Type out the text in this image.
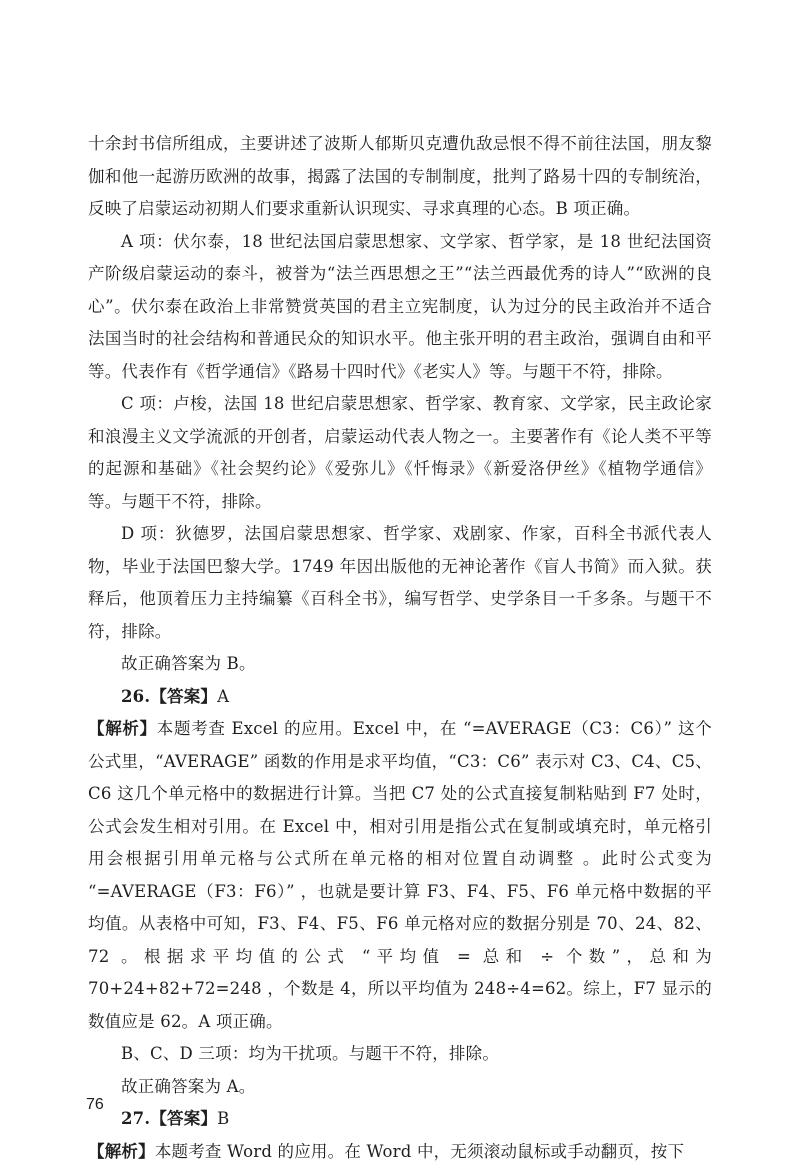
十余封书信所组成，主要讲述了波斯人郁斯贝克遭仇敌忌恨不得不前往法国，朋友黎伽和他一起游历欧洲的故事，揭露了法国的专制制度，批判了路易十四的专制统治，反映了启蒙运动初期人们要求重新认识现实、寻求真理的心态。B 项正确。

A 项：伏尔泰，18 世纪法国启蒙思想家、文学家、哲学家，是 18 世纪法国资产阶级启蒙运动的泰斗，被誉为“法兰西思想之王”“法兰西最优秀的诗人”“欧洲的良心”。伏尔泰在政治上非常赞赏英国的君主立宪制度，认为过分的民主政治并不适合法国当时的社会结构和普通民众的知识水平。他主张开明的君主政治，强调自由和平等。代表作有《哲学通信》《路易十四时代》《老实人》等。与题干不符，排除。

C 项：卢梭，法国 18 世纪启蒙思想家、哲学家、教育家、文学家，民主政论家和浪漫主义文学流派的开创者，启蒙运动代表人物之一。主要著作有《论人类不平等的起源和基础》《社会契约论》《爱弥儿》《忏悔录》《新爱洛伊丝》《植物学通信》等。与题干不符，排除。

D 项：狄德罗，法国启蒙思想家、哲学家、戏剧家、作家，百科全书派代表人物，毕业于法国巴黎大学。1749 年因出版他的无神论著作《盲人书简》而入狱。获释后，他顶着压力主持编纂《百科全书》，编写哲学、史学条目一千多条。与题干不符，排除。

故正确答案为 B。

26.【答案】A

【解析】本题考查 Excel 的应用。Excel 中，在 “=AVERAGE（C3：C6）” 这个公式里，“AVERAGE” 函数的作用是求平均值，“C3：C6” 表示对 C3、C4、C5、C6 这几个单元格中的数据进行计算。当把 C7 处的公式直接复制粘贴到 F7 处时，公式会发生相对引用。在 Excel 中，相对引用是指公式在复制或填充时，单元格引用会根据引用单元格与公式所在单元格的相对位置自动调整 。此时公式变为 “=AVERAGE（F3：F6）” ，也就是要计算 F3、F4、F5、F6 单元格中数据的平均值。从表格中可知，F3、F4、F5、F6 单元格对应的数据分别是 70、24、82、72 。根据求平均值的公式 “平均值 = 总和 ÷ 个数”，总和为 70+24+82+72=248 ，个数是 4，所以平均值为 248÷4=62。综上，F7 显示的数值应是 62。A 项正确。

B、C、D 三项：均为干扰项。与题干不符，排除。

故正确答案为 A。

27.【答案】B

【解析】本题考查 Word 的应用。在 Word 中，无须滚动鼠标或手动翻页，按下

76
